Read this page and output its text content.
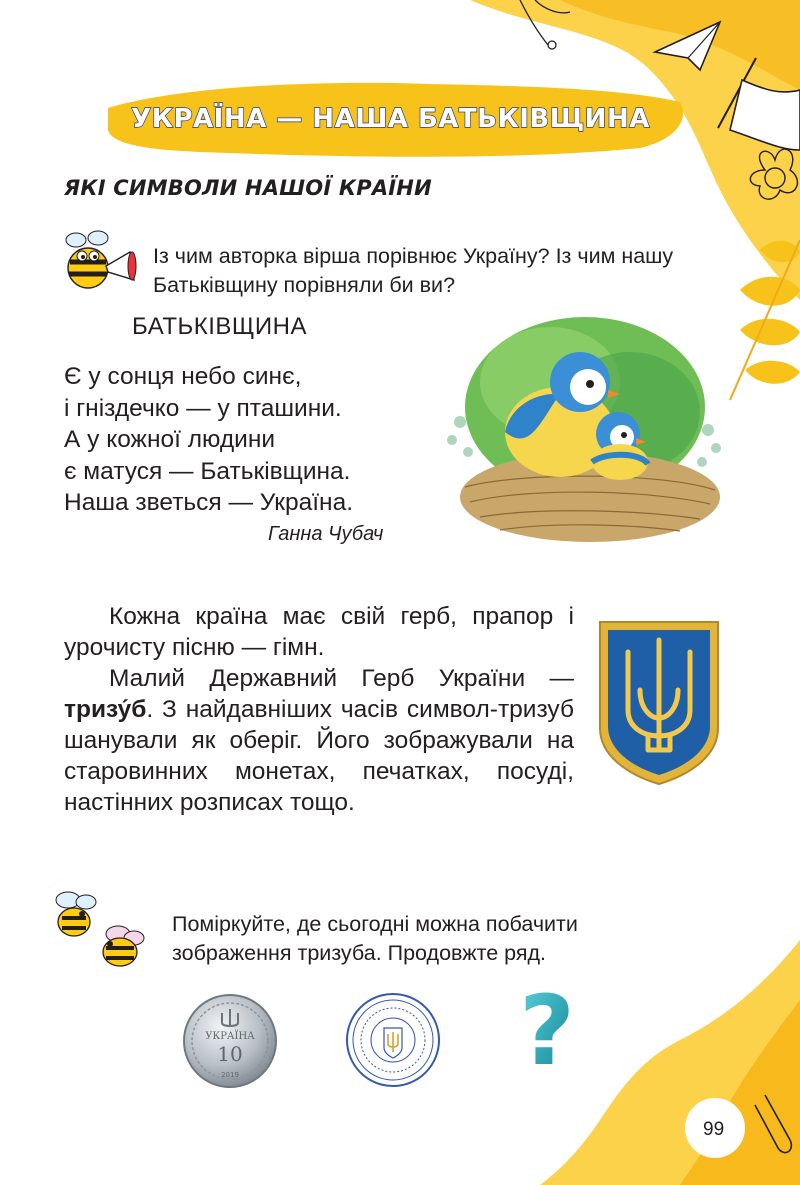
УКРАЇНА — НАША БАТЬКІВЩИНА
ЯКІ СИМВОЛИ НАШОЇ КРАЇНИ
Із чим авторка вірша порівнює Україну? Із чим нашу Батьківщину порівняли би ви?
БАТЬКІВЩИНА
Є у сонця небо синє,
і гніздечко — у пташини.
А у кожної людини
є матуся — Батьківщина.
Наша зветься — Україна.
Ганна Чубач

Кожна країна має свій герб, прапор і урочисту пісню — гімн.

Малий Державний Герб України — тризу́б. З найдавніших часів символ-тризуб шанували як оберіг. Його зображували на старовинних монетах, печатках, посуді, настінних розписах тощо.

Поміркуйте, де сьогодні можна побачити зображення тризуба. Продовжте ряд.
УКРАЇНА
10
2019	?
99
